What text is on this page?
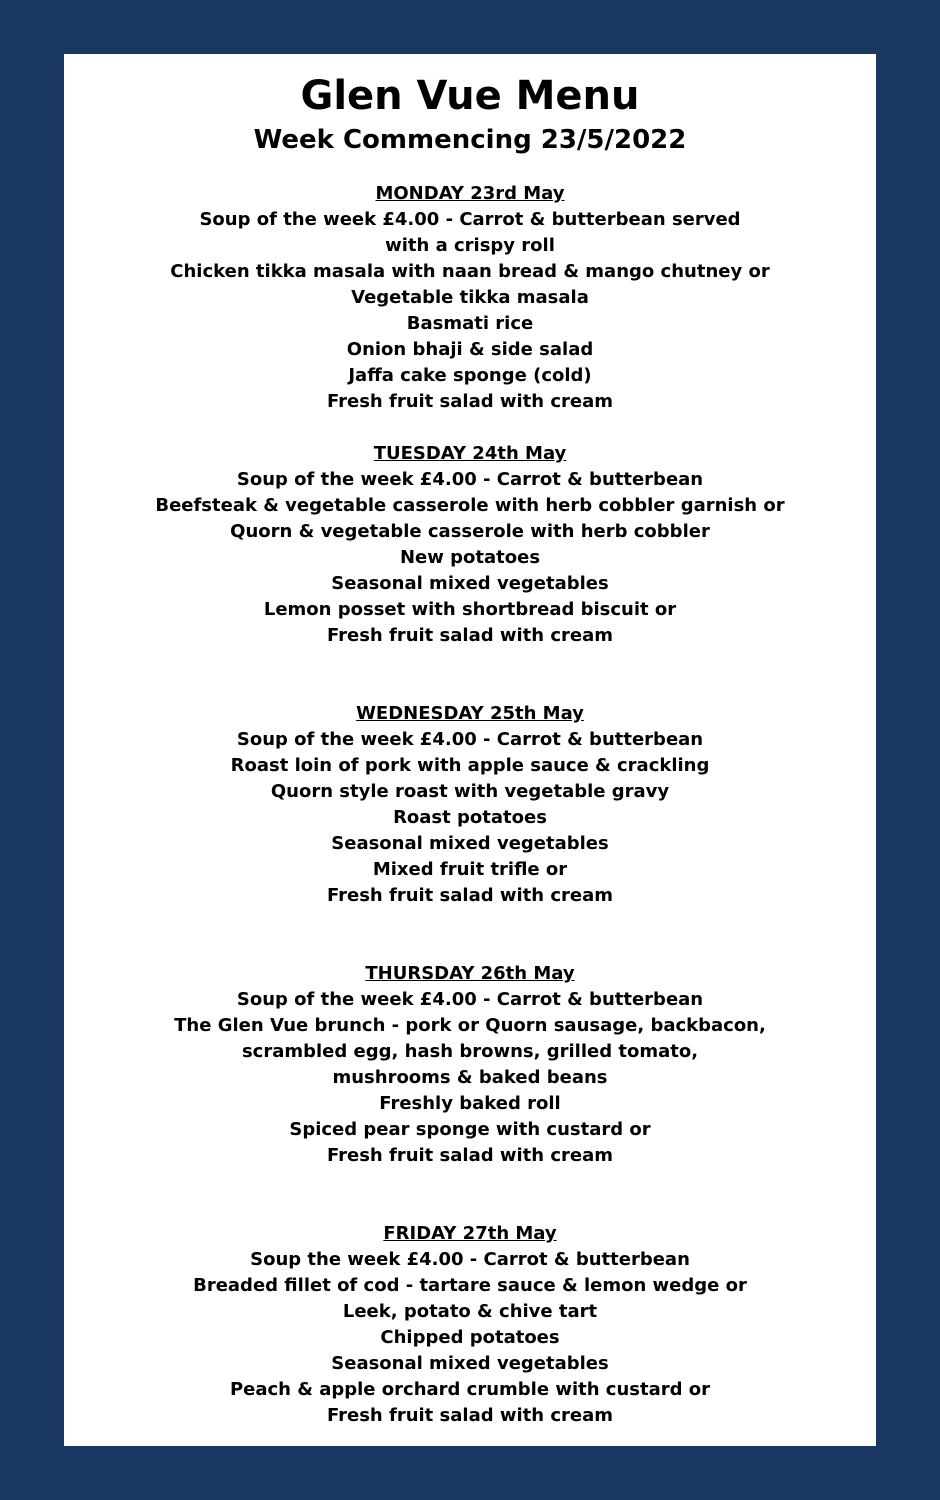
Glen Vue Menu
Week Commencing 23/5/2022
MONDAY 23rd May
Soup of the week £4.00 - Carrot & butterbean served
with a crispy roll
Chicken tikka masala with naan bread & mango chutney or
Vegetable tikka masala
Basmati rice
Onion bhaji & side salad
Jaffa cake sponge (cold)
Fresh fruit salad with cream
TUESDAY 24th May
Soup of the week £4.00 - Carrot & butterbean
Beefsteak & vegetable casserole with herb cobbler garnish or
Quorn & vegetable casserole with herb cobbler
New potatoes
Seasonal mixed vegetables
Lemon posset with shortbread biscuit or
Fresh fruit salad with cream
WEDNESDAY 25th May
Soup of the week £4.00 - Carrot & butterbean
Roast loin of pork with apple sauce & crackling
Quorn style roast with vegetable gravy
Roast potatoes
Seasonal mixed vegetables
Mixed fruit trifle or
Fresh fruit salad with cream
THURSDAY 26th May
Soup of the week £4.00 - Carrot & butterbean
The Glen Vue brunch - pork or Quorn sausage, backbacon,
scrambled egg, hash browns, grilled tomato,
mushrooms & baked beans
Freshly baked roll
Spiced pear sponge with custard or
Fresh fruit salad with cream
FRIDAY 27th May
Soup the week £4.00 - Carrot & butterbean
Breaded fillet of cod - tartare sauce & lemon wedge or
Leek, potato & chive tart
Chipped potatoes
Seasonal mixed vegetables
Peach & apple orchard crumble with custard or
Fresh fruit salad with cream
